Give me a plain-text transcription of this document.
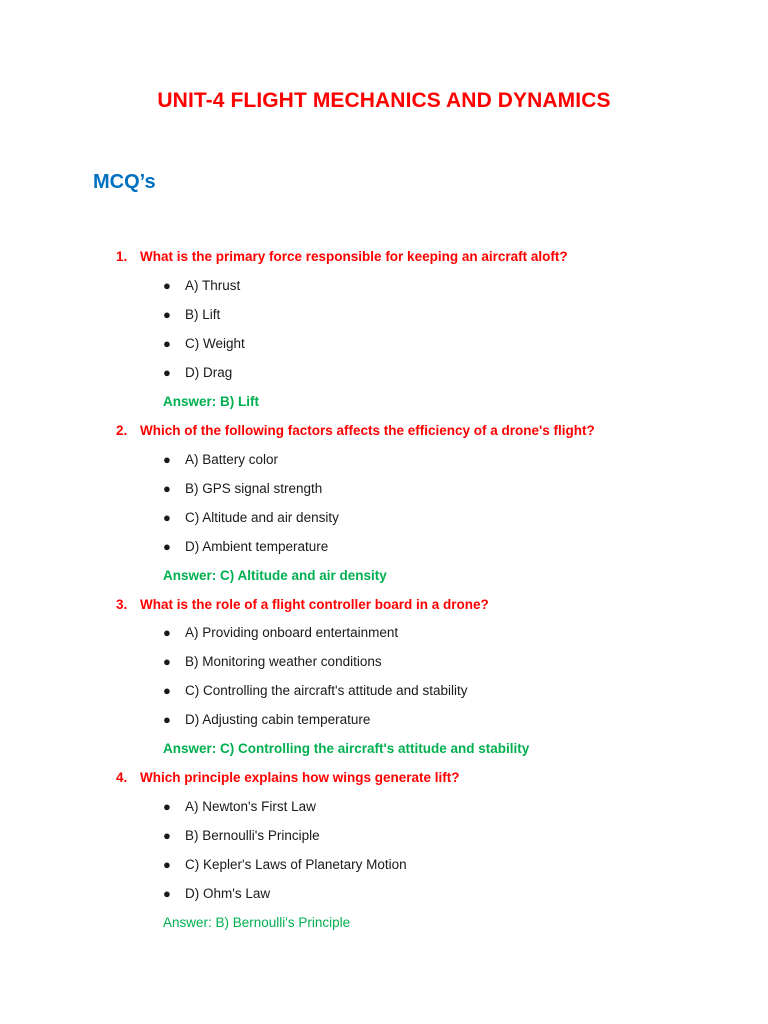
UNIT-4 FLIGHT MECHANICS AND DYNAMICS
MCQ’s
1. What is the primary force responsible for keeping an aircraft aloft?
● A) Thrust
● B) Lift
● C) Weight
● D) Drag
Answer: B) Lift
2. Which of the following factors affects the efficiency of a drone's flight?
● A) Battery color
● B) GPS signal strength
● C) Altitude and air density
● D) Ambient temperature
Answer: C) Altitude and air density
3. What is the role of a flight controller board in a drone?
● A) Providing onboard entertainment
● B) Monitoring weather conditions
● C) Controlling the aircraft's attitude and stability
● D) Adjusting cabin temperature
Answer: C) Controlling the aircraft's attitude and stability
4. Which principle explains how wings generate lift?
● A) Newton's First Law
● B) Bernoulli's Principle
● C) Kepler's Laws of Planetary Motion
● D) Ohm's Law
Answer: B) Bernoulli's Principle
